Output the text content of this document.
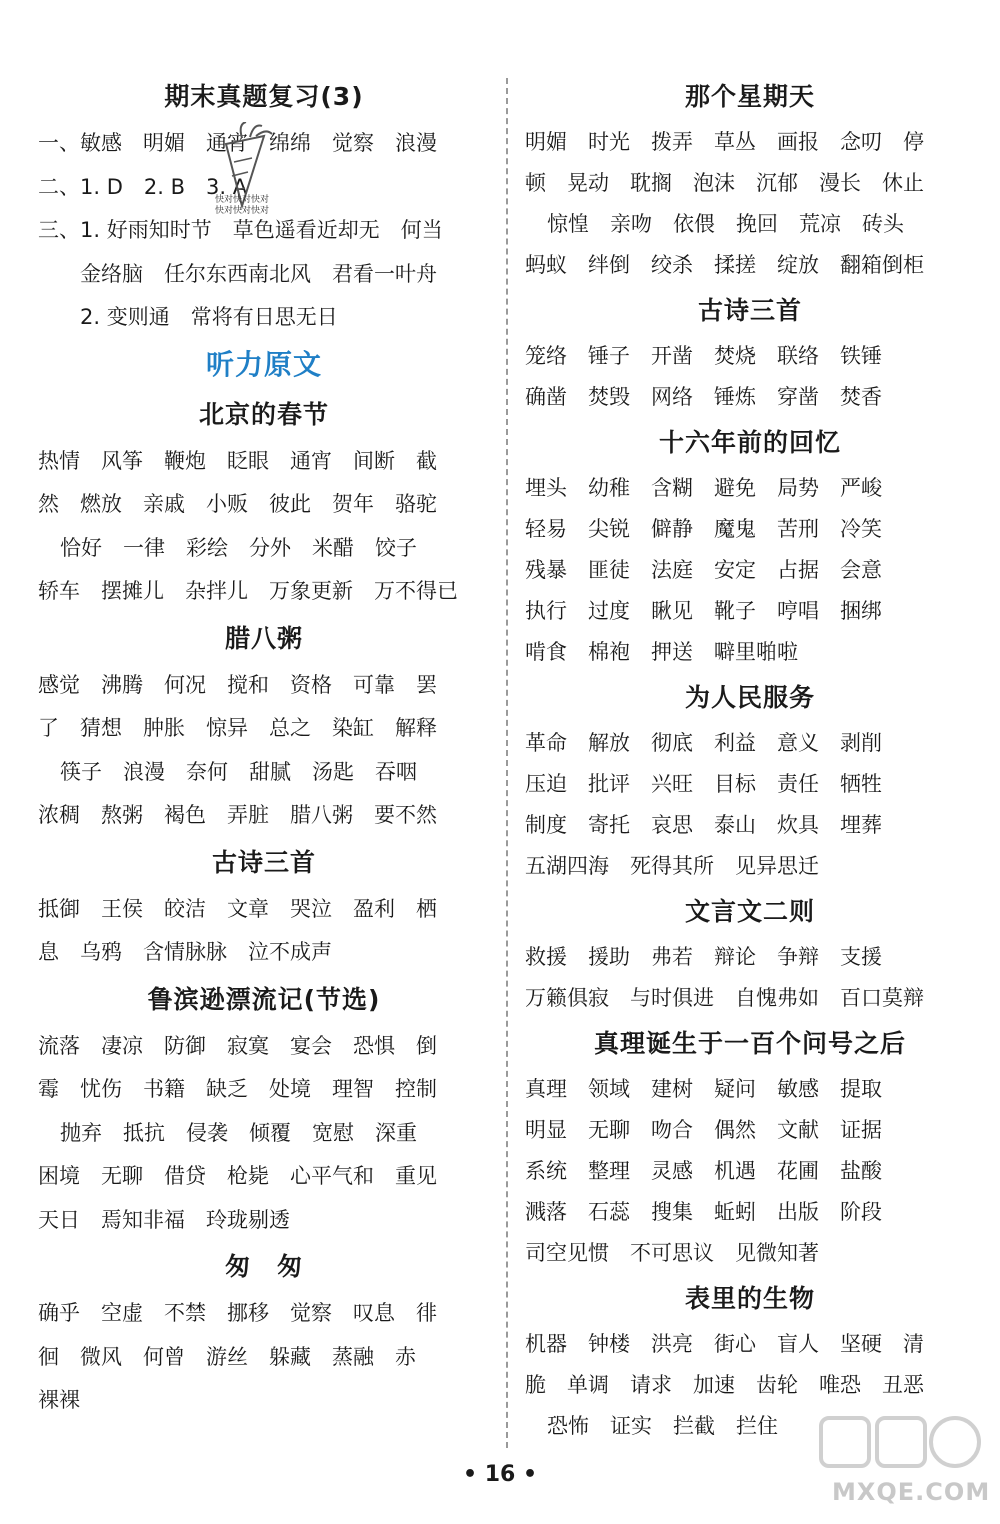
期末真题复习(3)
一、敏感　明媚　通宵　绵绵　觉察　浪漫
二、1. D　2. B　3. A
三、1. 好雨知时节　草色遥看近却无　何当
金络脑　任尔东西南北风　君看一叶舟
2. 变则通　常将有日思无日
听力原文
北京的春节
热情　风筝　鞭炮　眨眼　通宵　间断　截
然　燃放　亲戚　小贩　彼此　贺年　骆驼
恰好　一律　彩绘　分外　米醋　饺子
轿车　摆摊儿　杂拌儿　万象更新　万不得已
腊八粥
感觉　沸腾　何况　搅和　资格　可靠　罢
了　猜想　肿胀　惊异　总之　染缸　解释
筷子　浪漫　奈何　甜腻　汤匙　吞咽
浓稠　熬粥　褐色　弄脏　腊八粥　要不然
古诗三首
抵御　王侯　皎洁　文章　哭泣　盈利　栖
息　乌鸦　含情脉脉　泣不成声
鲁滨逊漂流记(节选)
流落　凄凉　防御　寂寞　宴会　恐惧　倒
霉　忧伤　书籍　缺乏　处境　理智　控制
抛弃　抵抗　侵袭　倾覆　宽慰　深重
困境　无聊　借贷　枪毙　心平气和　重见
天日　焉知非福　玲珑剔透
匆　匆
确乎　空虚　不禁　挪移　觉察　叹息　徘
徊　微风　何曾　游丝　躲藏　蒸融　赤
裸裸
那个星期天
明媚　时光　拨弄　草丛　画报　念叨　停
顿　晃动　耽搁　泡沫　沉郁　漫长　休止
惊惶　亲吻　依偎　挽回　荒凉　砖头
蚂蚁　绊倒　绞杀　揉搓　绽放　翻箱倒柜
古诗三首
笼络　锤子　开凿　焚烧　联络　铁锤
确凿　焚毁　网络　锤炼　穿凿　焚香
十六年前的回忆
埋头　幼稚　含糊　避免　局势　严峻
轻易　尖锐　僻静　魔鬼　苦刑　冷笑
残暴　匪徒　法庭　安定　占据　会意
执行　过度　瞅见　靴子　哼唱　捆绑
啃食　棉袍　押送　噼里啪啦
为人民服务
革命　解放　彻底　利益　意义　剥削
压迫　批评　兴旺　目标　责任　牺牲
制度　寄托　哀思　泰山　炊具　埋葬
五湖四海　死得其所　见异思迁
文言文二则
救援　援助　弗若　辩论　争辩　支援
万籁俱寂　与时俱进　自愧弗如　百口莫辩
真理诞生于一百个问号之后
真理　领域　建树　疑问　敏感　提取
明显　无聊　吻合　偶然　文献　证据
系统　整理　灵感　机遇　花圃　盐酸
溅落　石蕊　搜集　蚯蚓　出版　阶段
司空见惯　不可思议　见微知著
表里的生物
机器　钟楼　洪亮　街心　盲人　坚硬　清
脆　单调　请求　加速　齿轮　唯恐　丑恶
恐怖　证实　拦截　拦住
快对快对快对
快对快对快对
• 16 •
MXQE.COM
